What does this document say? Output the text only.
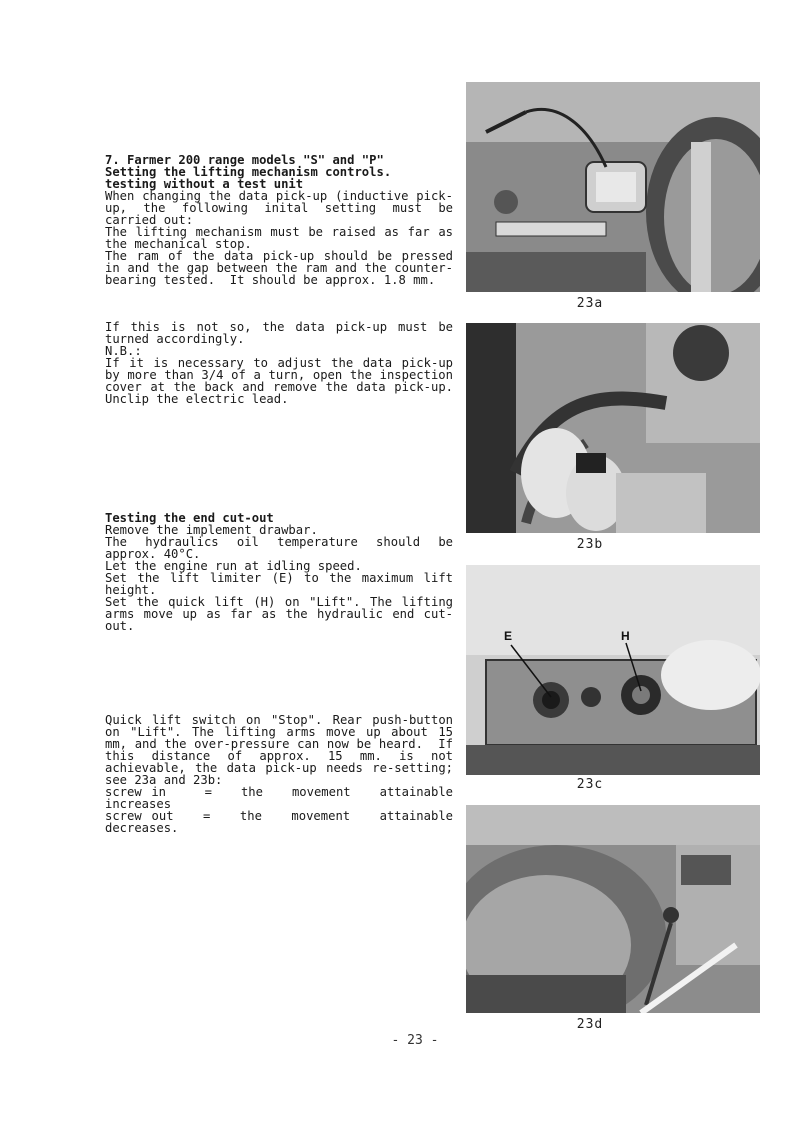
7. Farmer 200 range models "S" and "P"

Setting the lifting mechanism controls.

testing without a test unit

When changing the data pick-up (inductive pick-up, the following inital setting must be carried out:
The lifting mechanism must be raised as far as the mechanical stop.
The ram of the data pick-up should be pressed in and the gap between the ram and the counter-bearing tested.  It should be approx. 1.8 mm.

If this is not so, the data pick-up must be turned accordingly.
N.B.:
If it is necessary to adjust the data pick-up by more than 3/4 of a turn, open the inspection cover at the back and remove the data pick-up. Unclip the electric lead.

Testing the end cut-out

Remove the implement drawbar.
The hydraulics oil temperature should be approx. 40°C.
Let the engine run at idling speed.
Set the lift limiter (E) to the maximum lift height.
Set the quick lift (H) on "Lift". The lifting arms move up as far as the hydraulic end cut-out.

Quick lift switch on "Stop". Rear push-button on "Lift". The lifting arms move up about 15 mm, and the over-pressure can now be heard.  If this distance of approx. 15 mm. is not achievable, the data pick-up needs re-setting; see 23a and 23b:
screw in    =   the   movement   attainable increases
screw out   =   the   movement   attainable decreases.

23a
23b
E	H
23c
23d
- 23 -
